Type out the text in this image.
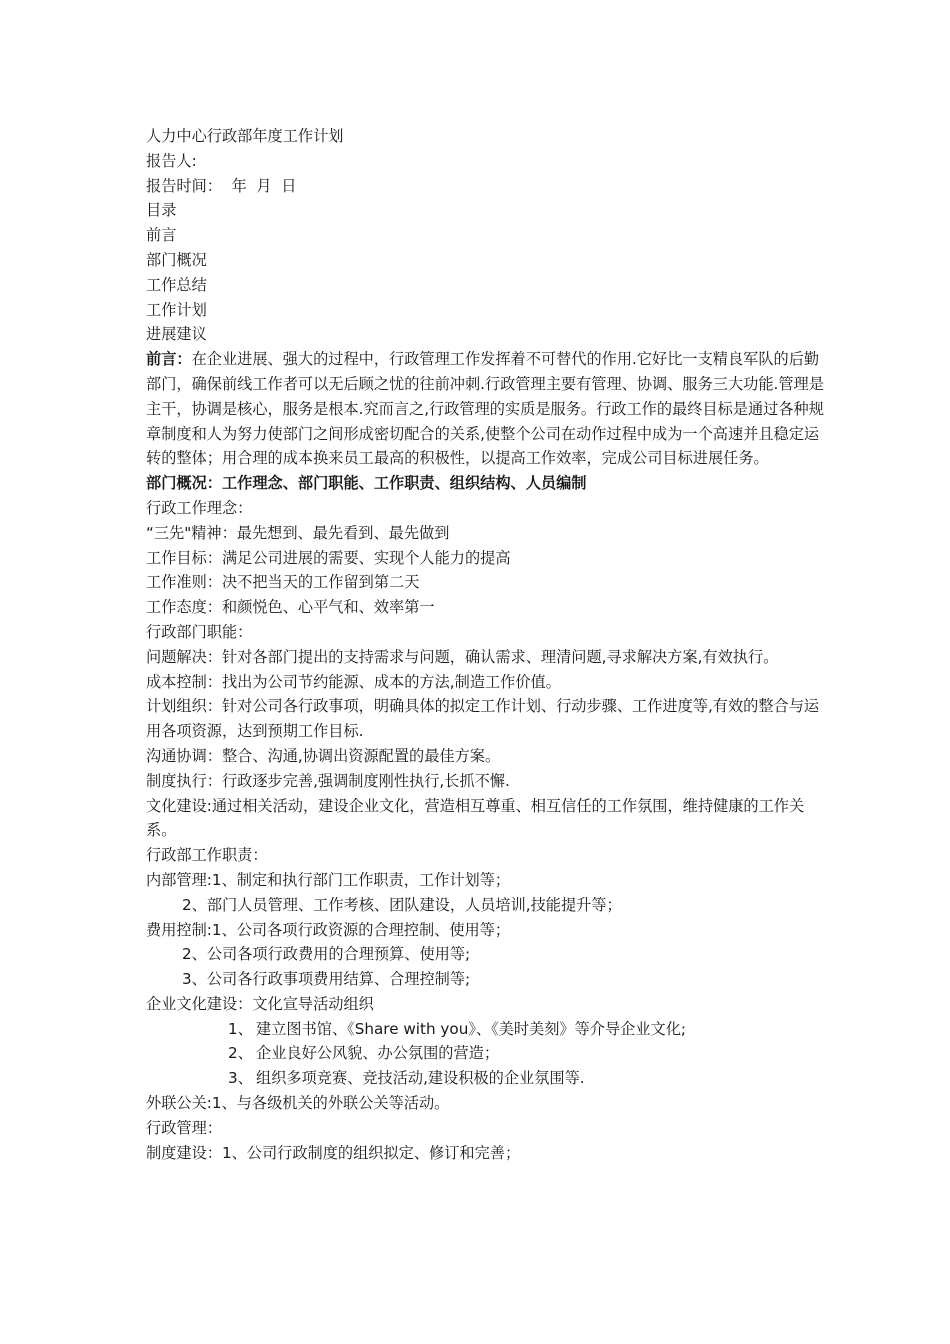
人力中心行政部年度工作计划

报告人:

报告时间：  年  月  日

目录

前言

部门概况

工作总结

工作计划

进展建议

前言：在企业进展、强大的过程中，行政管理工作发挥着不可替代的作用.它好比一支精良军队的后勤部门，确保前线工作者可以无后顾之忧的往前冲刺.行政管理主要有管理、协调、服务三大功能.管理是主干，协调是核心，服务是根本.究而言之,行政管理的实质是服务。行政工作的最终目标是通过各种规章制度和人为努力使部门之间形成密切配合的关系,使整个公司在动作过程中成为一个高速并且稳定运转的整体；用合理的成本换来员工最高的积极性，以提高工作效率，完成公司目标进展任务。

部门概况：工作理念、部门职能、工作职责、组织结构、人员编制

行政工作理念：

“三先"精神：最先想到、最先看到、最先做到

工作目标：满足公司进展的需要、实现个人能力的提高

工作准则：决不把当天的工作留到第二天

工作态度：和颜悦色、心平气和、效率第一

行政部门职能：

问题解决：针对各部门提出的支持需求与问题，确认需求、理清问题,寻求解决方案,有效执行。

成本控制：找出为公司节约能源、成本的方法,制造工作价值。

计划组织：针对公司各行政事项，明确具体的拟定工作计划、行动步骤、工作进度等,有效的整合与运用各项资源，达到预期工作目标.

沟通协调：整合、沟通,协调出资源配置的最佳方案。

制度执行：行政逐步完善,强调制度刚性执行,长抓不懈.

文化建设:通过相关活动，建设企业文化，营造相互尊重、相互信任的工作氛围，维持健康的工作关系。

行政部工作职责：

内部管理:1、制定和执行部门工作职责，工作计划等；

2、部门人员管理、工作考核、团队建设，人员培训,技能提升等；

费用控制:1、公司各项行政资源的合理控制、使用等；

2、公司各项行政费用的合理预算、使用等;

3、公司各行政事项费用结算、合理控制等;

企业文化建设：文化宣导活动组织

1、 建立图书馆、《Share with you》、《美时美刻》等介导企业文化;

2、 企业良好公风貌、办公氛围的营造；

3、 组织多项竞赛、竞技活动,建设积极的企业氛围等.

外联公关:1、与各级机关的外联公关等活动。

行政管理：

制度建设：1、公司行政制度的组织拟定、修订和完善；
